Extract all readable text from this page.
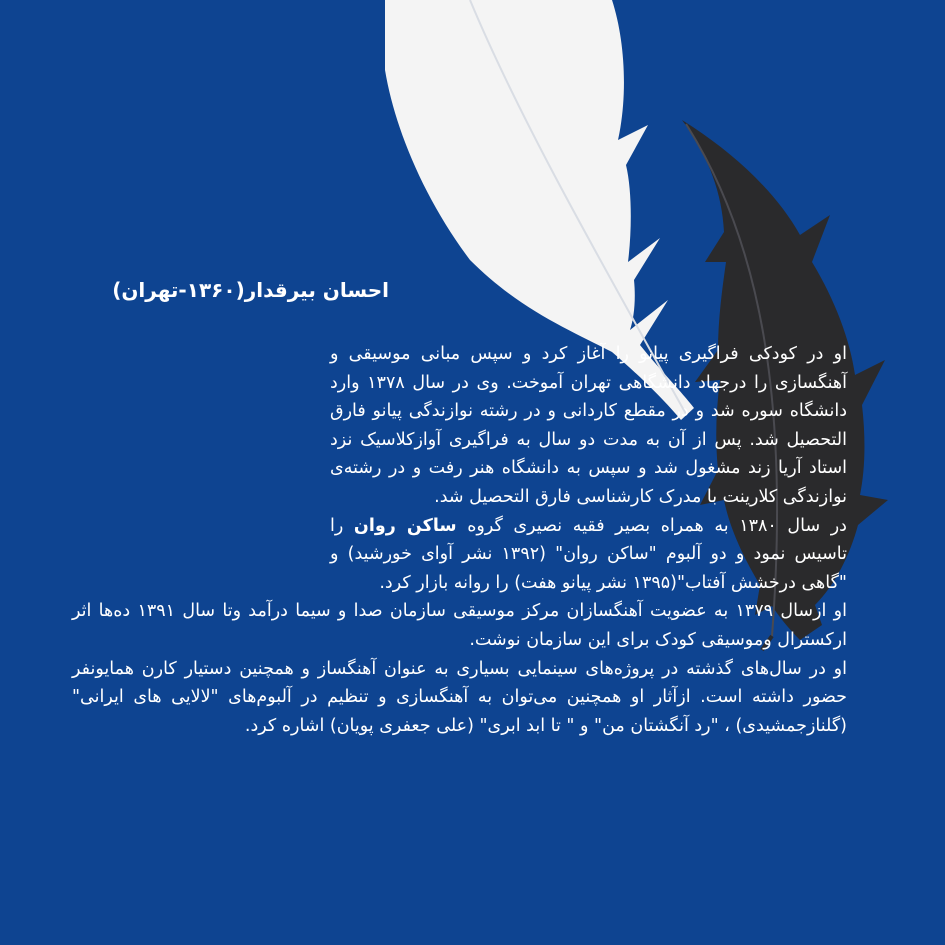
احسان بیرقدار(۱۳۶۰-تهران)

او در کودکی فراگیری پیانو را آغاز کرد و سپس مبانی موسیقی و آهنگسازی را درجهاد دانشگاهی تهران آموخت. وی در سال ۱۳۷۸ وارد دانشگاه سوره شد و در مقطع کاردانی و در رشته نوازندگی پیانو فارق التحصیل شد. پس از آن به مدت دو سال به فراگیری آوازکلاسیک نزد استاد آریا زند مشغول شد و سپس به دانشگاه هنر رفت و در رشته‌ی نوازندگی کلارینت با مدرک کارشناسی فارق التحصیل شد.

در سال ۱۳۸۰ به همراه بصیر فقیه نصیری گروه ساکن روان را تاسیس نمود و دو آلبوم "ساکن روان" (۱۳۹۲ نشر آوای خورشید) و "گاهی درخشش آفتاب"(۱۳۹۵ نشر پیانو هفت) را روانه بازار کرد.

او ازسال ۱۳۷۹ به عضویت آهنگسازان مرکز موسیقی سازمان صدا و سیما درآمد وتا سال ۱۳۹۱ ده‌ها اثر ارکسترال وموسیقی کودک برای این سازمان نوشت.

او در سال‌های گذشته در پروژه‌های سینمایی بسیاری به عنوان آهنگساز و همچنین دستیار کارن همایونفر حضور داشته است. ازآثار او همچنین می‌توان به آهنگسازی و تنظیم در آلبوم‌های "لالایی های ایرانی" (گلنازجمشیدی) ، "رد آنگشتان من" و " تا ابد ابری" (علی جعفری پویان) اشاره کرد.
